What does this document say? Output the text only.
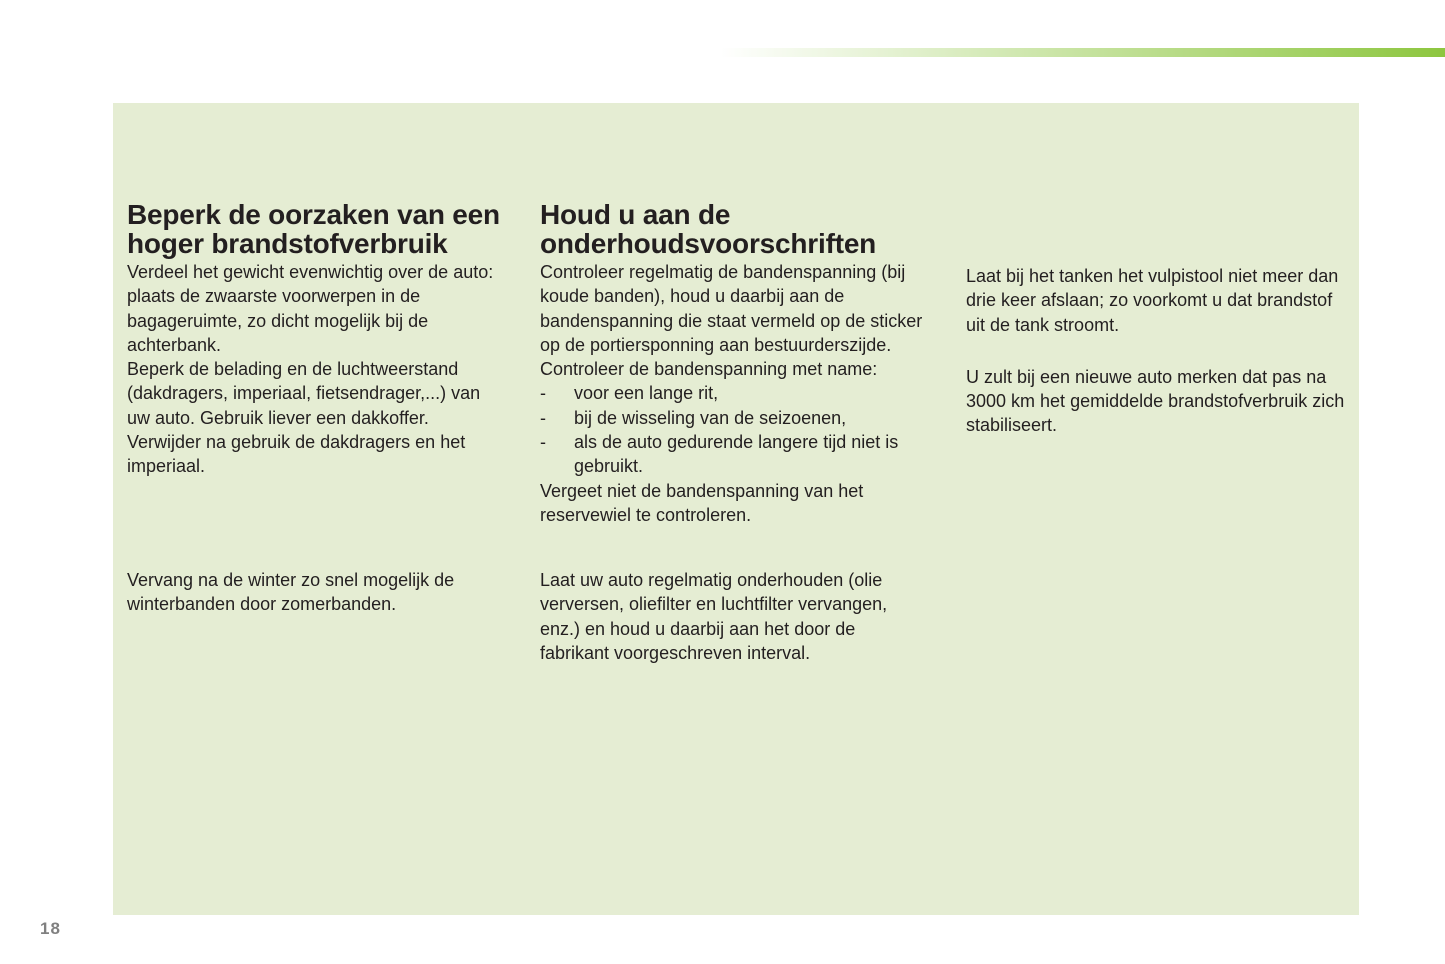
Beperk de oorzaken van een hoger brandstofverbruik

Verdeel het gewicht evenwichtig over de auto: plaats de zwaarste voorwerpen in de bagageruimte, zo dicht mogelijk bij de achterbank.

Beperk de belading en de luchtweerstand (dakdragers, imperiaal, fietsendrager,...) van uw auto. Gebruik liever een dakkoffer.

Verwijder na gebruik de dakdragers en het imperiaal.

Vervang na de winter zo snel mogelijk de winterbanden door zomerbanden.

Houd u aan de onderhoudsvoorschriften

Controleer regelmatig de bandenspanning (bij koude banden), houd u daarbij aan de bandenspanning die staat vermeld op de sticker op de portiersponning aan bestuurderszijde.

Controleer de bandenspanning met name:

- voor een lange rit,
- bij de wisseling van de seizoenen,
- als de auto gedurende langere tijd niet is gebruikt.

Vergeet niet de bandenspanning van het reservewiel te controleren.

Laat uw auto regelmatig onderhouden (olie verversen, oliefilter en luchtfilter vervangen, enz.) en houd u daarbij aan het door de fabrikant voorgeschreven interval.

Laat bij het tanken het vulpistool niet meer dan drie keer afslaan; zo voorkomt u dat brandstof uit de tank stroomt.

U zult bij een nieuwe auto merken dat pas na 3000 km het gemiddelde brandstofverbruik zich stabiliseert.

18
